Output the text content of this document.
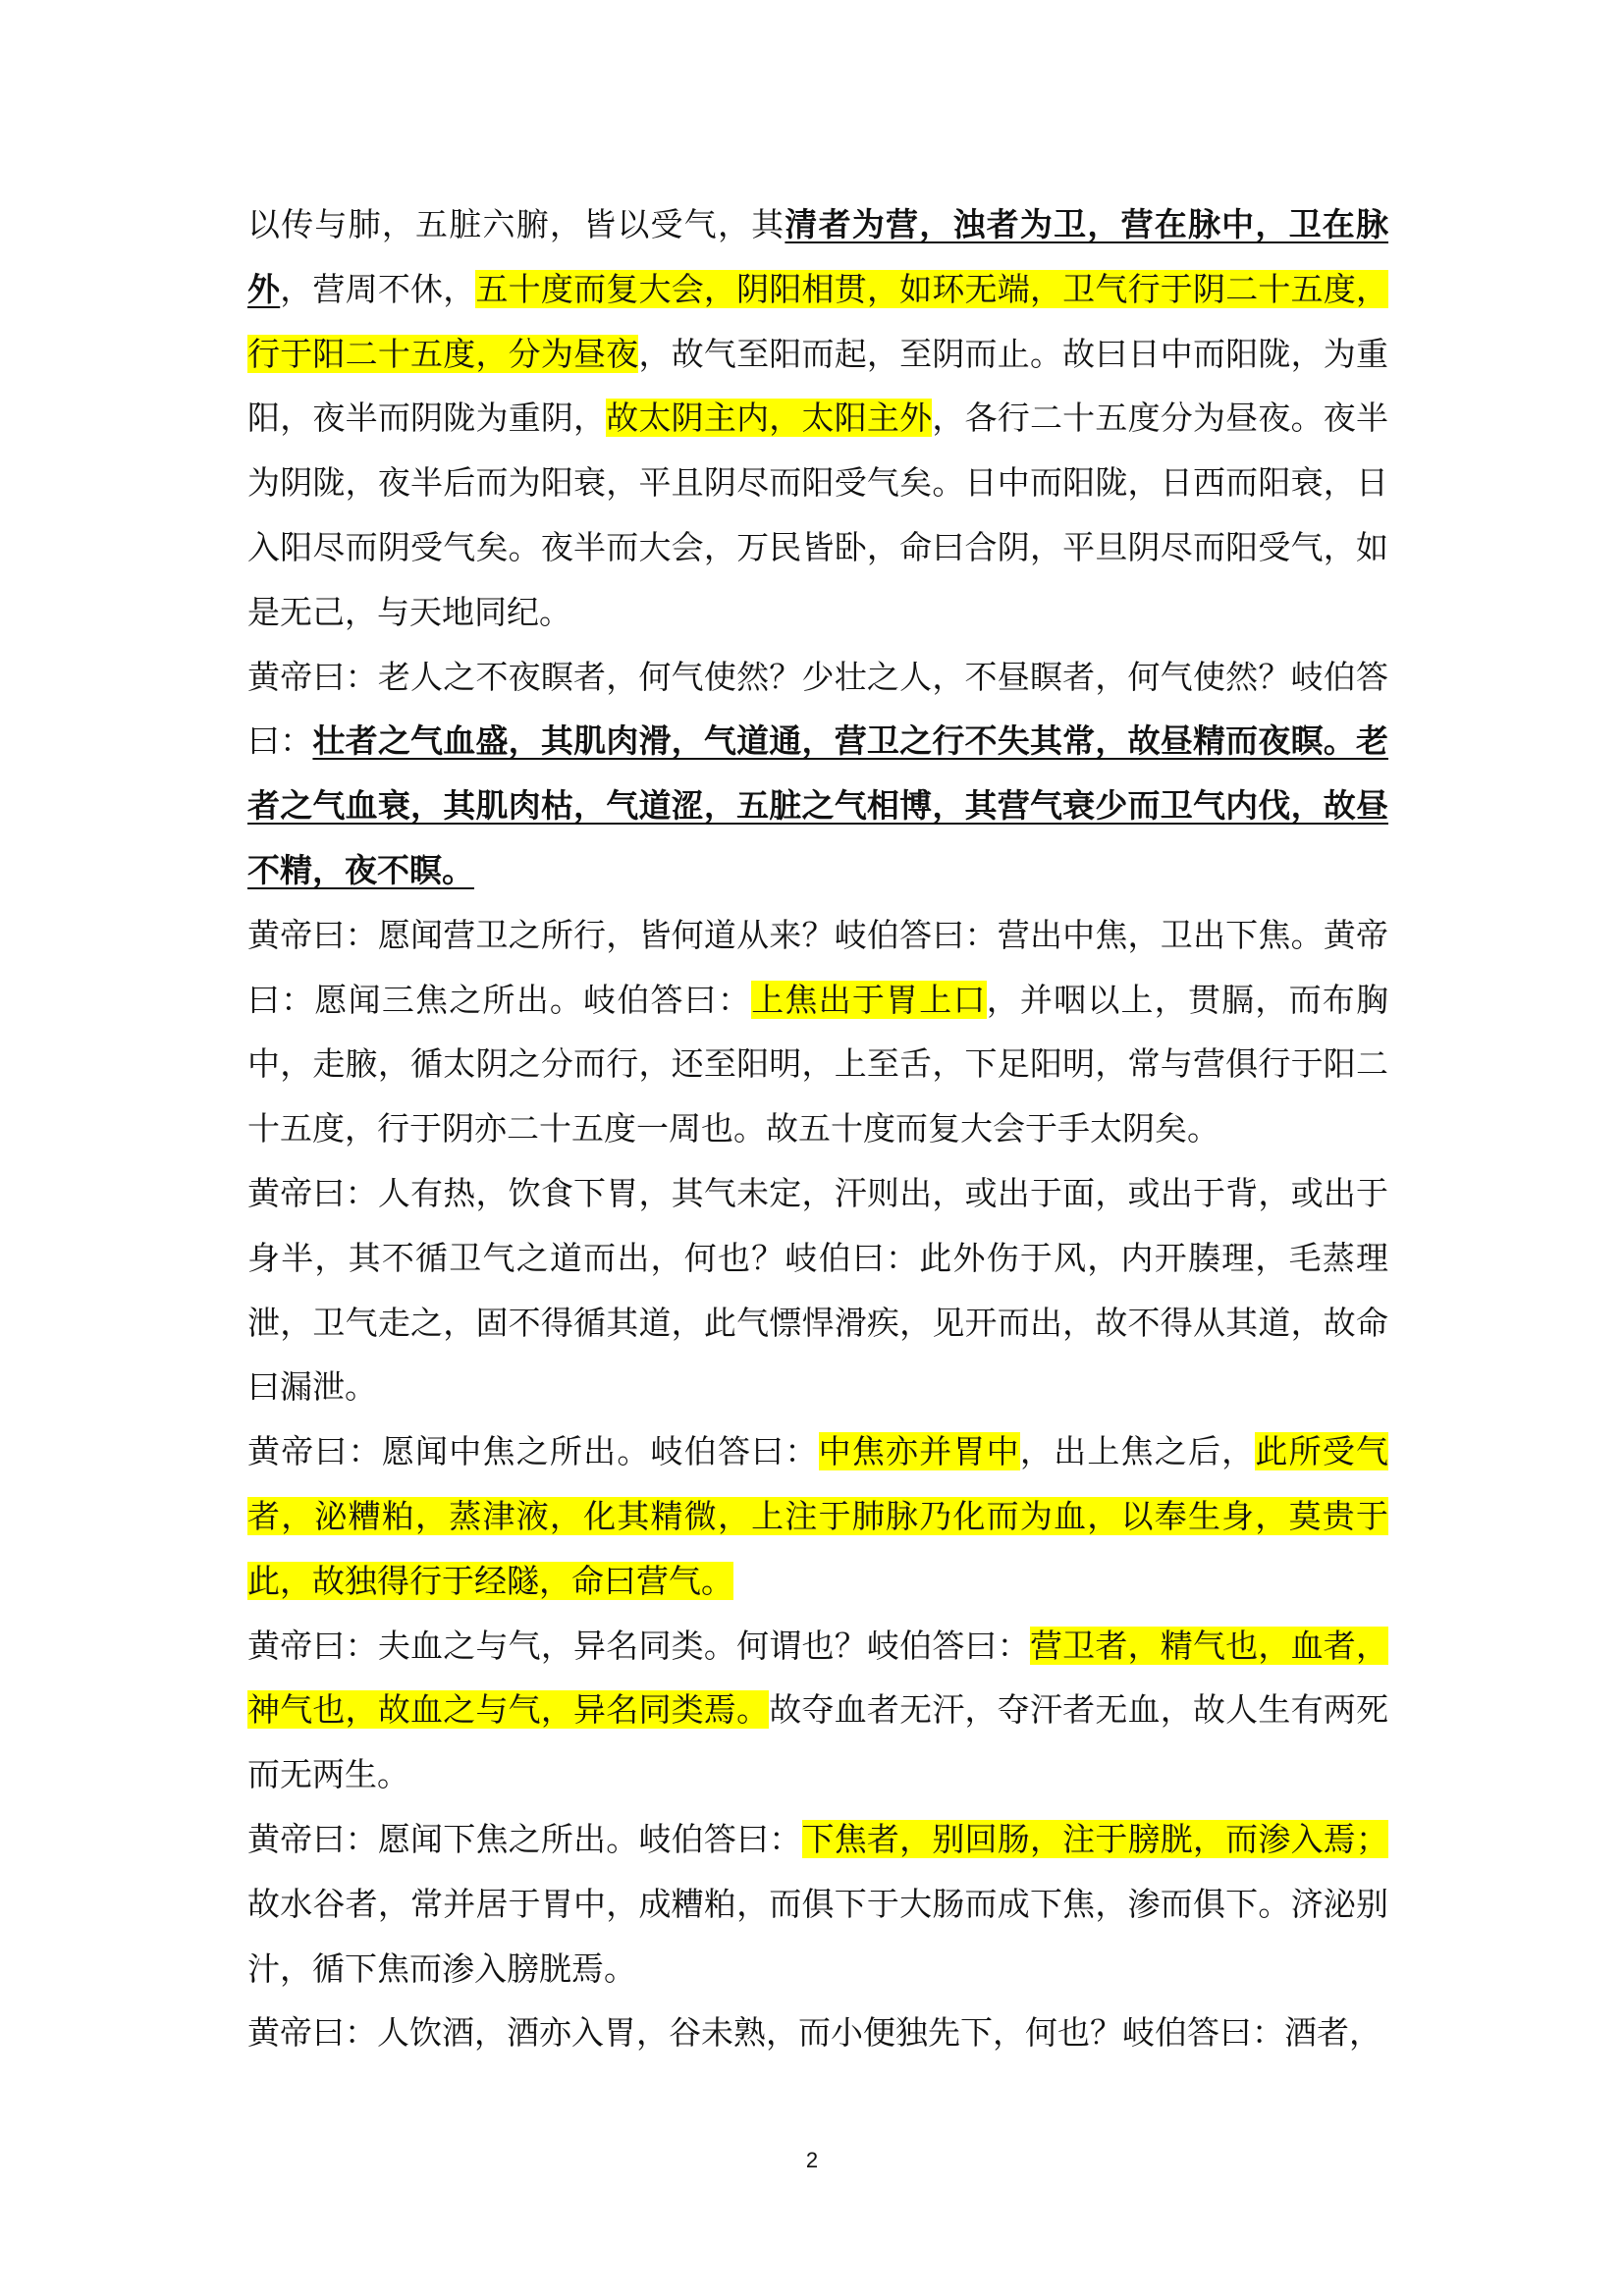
以传与肺，五脏六腑，皆以受气，其清者为营，浊者为卫，营在脉中，卫在脉外，营周不休，五十度而复大会，阴阳相贯，如环无端，卫气行于阴二十五度，行于阳二十五度，分为昼夜，故气至阳而起，至阴而止。故曰日中而阳陇，为重阳，夜半而阴陇为重阴，故太阴主内，太阳主外，各行二十五度分为昼夜。夜半为阴陇，夜半后而为阳衰，平且阴尽而阳受气矣。日中而阳陇，日西而阳衰，日入阳尽而阴受气矣。夜半而大会，万民皆卧，命曰合阴，平旦阴尽而阳受气，如是无己，与天地同纪。

黄帝曰：老人之不夜瞑者，何气使然？少壮之人，不昼瞑者，何气使然？岐伯答曰：壮者之气血盛，其肌肉滑，气道通，营卫之行不失其常，故昼精而夜瞑。老者之气血衰，其肌肉枯，气道涩，五脏之气相博，其营气衰少而卫气内伐，故昼不精，夜不瞑。

黄帝曰：愿闻营卫之所行，皆何道从来？岐伯答曰：营出中焦，卫出下焦。黄帝曰：愿闻三焦之所出。岐伯答曰：上焦出于胃上口，并咽以上，贯膈，而布胸中，走腋，循太阴之分而行，还至阳明，上至舌，下足阳明，常与营俱行于阳二十五度，行于阴亦二十五度一周也。故五十度而复大会于手太阴矣。

黄帝曰：人有热，饮食下胃，其气未定，汗则出，或出于面，或出于背，或出于身半，其不循卫气之道而出，何也？岐伯曰：此外伤于风，内开腠理，毛蒸理泄，卫气走之，固不得循其道，此气慓悍滑疾，见开而出，故不得从其道，故命曰漏泄。

黄帝曰：愿闻中焦之所出。岐伯答曰：中焦亦并胃中，出上焦之后，此所受气者，泌糟粕，蒸津液，化其精微，上注于肺脉乃化而为血，以奉生身，莫贵于此，故独得行于经隧，命曰营气。

黄帝曰：夫血之与气，异名同类。何谓也？岐伯答曰：营卫者，精气也，血者，神气也，故血之与气，异名同类焉。故夺血者无汗，夺汗者无血，故人生有两死而无两生。

黄帝曰：愿闻下焦之所出。岐伯答曰：下焦者，别回肠，注于膀胱，而渗入焉；故水谷者，常并居于胃中，成糟粕，而俱下于大肠而成下焦，渗而俱下。济泌别汁，循下焦而渗入膀胱焉。

黄帝曰：人饮酒，酒亦入胃，谷未熟，而小便独先下，何也？岐伯答曰：酒者，

2
